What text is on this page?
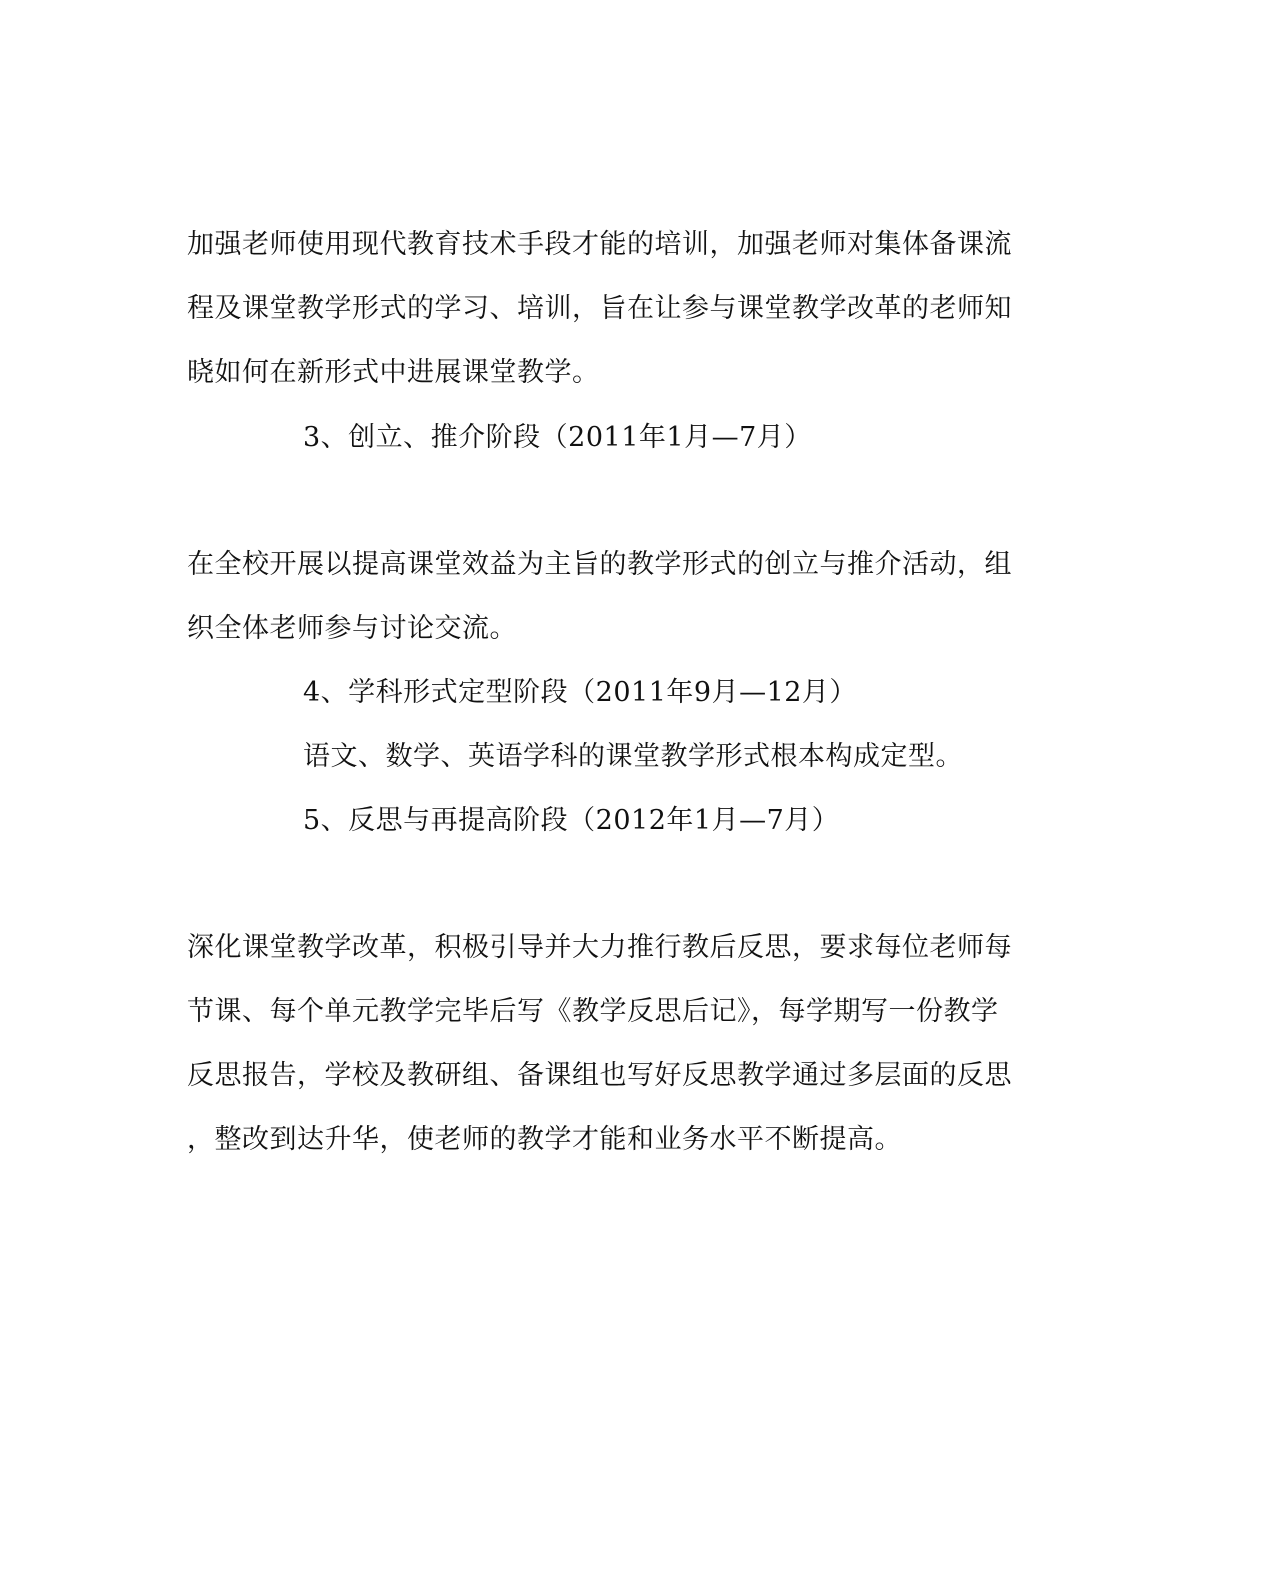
加强老师使用现代教育技术手段才能的培训，加强老师对集体备课流
程及课堂教学形式的学习、培训，旨在让参与课堂教学改革的老师知
晓如何在新形式中进展课堂教学。
3、创立、推介阶段（2011年1月—7月）
在全校开展以提高课堂效益为主旨的教学形式的创立与推介活动，组
织全体老师参与讨论交流。
4、学科形式定型阶段（2011年9月—12月）
语文、数学、英语学科的课堂教学形式根本构成定型。
5、反思与再提高阶段（2012年1月—7月）
深化课堂教学改革，积极引导并大力推行教后反思，要求每位老师每
节课、每个单元教学完毕后写《教学反思后记》，每学期写一份教学
反思报告，学校及教研组、备课组也写好反思教学通过多层面的反思
，整改到达升华，使老师的教学才能和业务水平不断提高。
